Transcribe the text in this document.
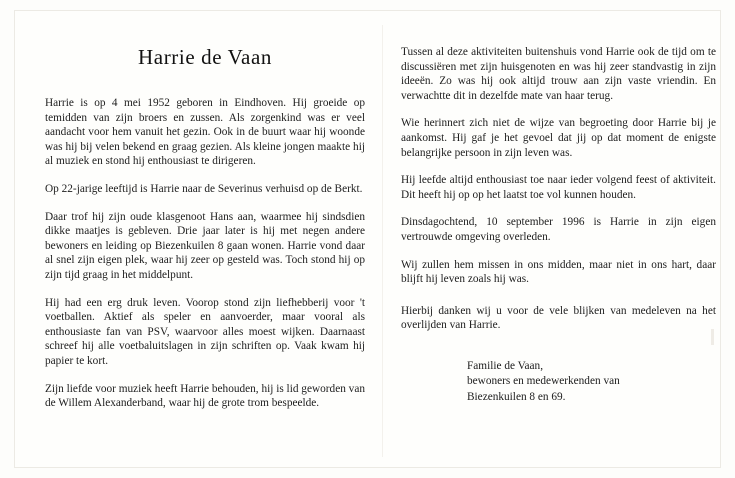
Harrie de Vaan

Harrie is op 4 mei 1952 geboren in Eindhoven. Hij groeide op temidden van zijn broers en zussen. Als zorgenkind was er veel aandacht voor hem vanuit het gezin. Ook in de buurt waar hij woonde was hij bij velen bekend en graag gezien. Als kleine jongen maakte hij al muziek en stond hij enthousiast te dirigeren.

Op 22-jarige leeftijd is Harrie naar de Severinus verhuisd op de Berkt.

Daar trof hij zijn oude klasgenoot Hans aan, waarmee hij sindsdien dikke maatjes is gebleven. Drie jaar later is hij met negen andere bewoners en leiding op Biezenkuilen 8 gaan wonen. Harrie vond daar al snel zijn eigen plek, waar hij zeer op gesteld was. Toch stond hij op zijn tijd graag in het middelpunt.

Hij had een erg druk leven. Voorop stond zijn liefhebberij voor 't voetballen. Aktief als speler en aanvoerder, maar vooral als enthousiaste fan van PSV, waarvoor alles moest wijken. Daarnaast schreef hij alle voetbaluitslagen in zijn schriften op. Vaak kwam hij papier te kort.

Zijn liefde voor muziek heeft Harrie behouden, hij is lid geworden van de Willem Alexanderband, waar hij de grote trom bespeelde.

Tussen al deze aktiviteiten buitenshuis vond Harrie ook de tijd om te discussiëren met zijn huisgenoten en was hij zeer standvastig in zijn ideeën. Zo was hij ook altijd trouw aan zijn vaste vriendin. En verwachtte dit in dezelfde mate van haar terug.

Wie herinnert zich niet de wijze van begroeting door Harrie bij je aankomst. Hij gaf je het gevoel dat jij op dat moment de enigste belangrijke persoon in zijn leven was.

Hij leefde altijd enthousiast toe naar ieder volgend feest of aktiviteit. Dit heeft hij op op het laatst toe vol kunnen houden.

Dinsdagochtend, 10 september 1996 is Harrie in zijn eigen vertrouwde omgeving overleden.

Wij zullen hem missen in ons midden, maar niet in ons hart, daar blijft hij leven zoals hij was.

Hierbij danken wij u voor de vele blijken van medeleven na het overlijden van Harrie.

Familie de Vaan,
bewoners en medewerkenden van
Biezenkuilen 8 en 69.
